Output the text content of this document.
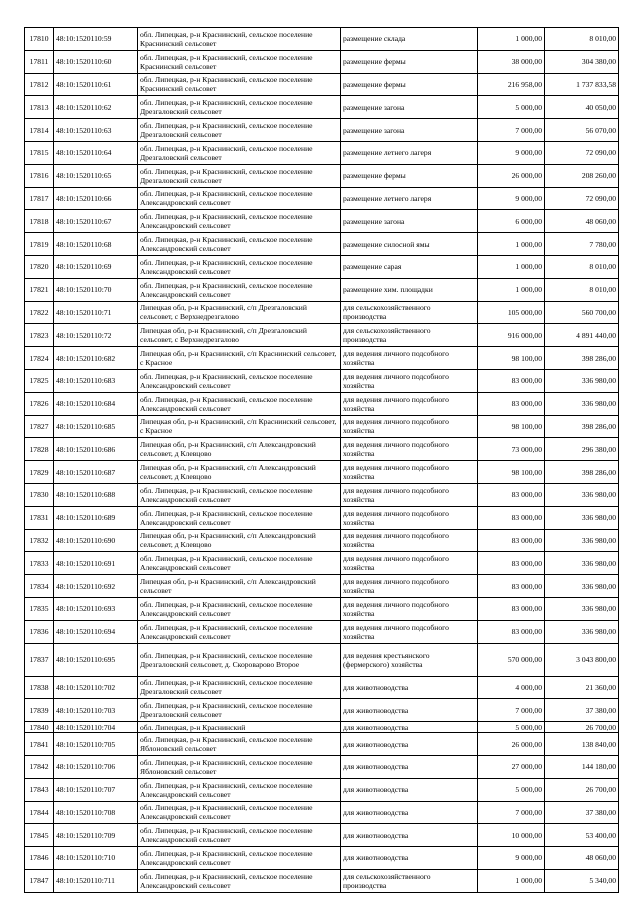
17810	48:10:1520110:59	обл. Липецкая, р-н Краснинский, сельское поселение Краснинский сельсовет	размещение склада	1 000,00	8 010,00
17811	48:10:1520110:60	обл. Липецкая, р-н Краснинский, сельское поселение Краснинский сельсовет	размещение фермы	38 000,00	304 380,00
17812	48:10:1520110:61	обл. Липецкая, р-н Краснинский, сельское поселение Краснинский сельсовет	размещение фермы	216 958,00	1 737 833,58
17813	48:10:1520110:62	обл. Липецкая, р-н Краснинский, сельское поселение Дрезгаловский сельсовет	размещение загона	5 000,00	40 050,00
17814	48:10:1520110:63	обл. Липецкая, р-н Краснинский, сельское поселение Дрезгаловский сельсовет	размещение загона	7 000,00	56 070,00
17815	48:10:1520110:64	обл. Липецкая, р-н Краснинский, сельское поселение Дрезгаловский сельсовет	размещение летнего лагеря	9 000,00	72 090,00
17816	48:10:1520110:65	обл. Липецкая, р-н Краснинский, сельское поселение Дрезгаловский сельсовет	размещение фермы	26 000,00	208 260,00
17817	48:10:1520110:66	обл. Липецкая, р-н Краснинский, сельское поселение Александровский сельсовет	размещение летнего лагеря	9 000,00	72 090,00
17818	48:10:1520110:67	обл. Липецкая, р-н Краснинский, сельское поселение Александровский сельсовет	размещение загона	6 000,00	48 060,00
17819	48:10:1520110:68	обл. Липецкая, р-н Краснинский, сельское поселение Александровский сельсовет	размещение силосной ямы	1 000,00	7 780,00
17820	48:10:1520110:69	обл. Липецкая, р-н Краснинский, сельское поселение Александровский сельсовет	размещение сарая	1 000,00	8 010,00
17821	48:10:1520110:70	обл. Липецкая, р-н Краснинский, сельское поселение Александровский сельсовет	размещение хим. площадки	1 000,00	8 010,00
17822	48:10:1520110:71	Липецкая обл, р-н Краснинский, с/п Дрезгаловский сельсовет, с Верхнедрезгалово	для сельскохозяйственного производства	105 000,00	560 700,00
17823	48:10:1520110:72	Липецкая обл, р-н Краснинский, с/п Дрезгаловский сельсовет, с Верхнедрезгалово	для сельскохозяйственного производства	916 000,00	4 891 440,00
17824	48:10:1520110:682	Липецкая обл, р-н Краснинский, с/п Краснинский сельсовет, с Красное	для ведения личного подсобного хозяйства	98 100,00	398 286,00
17825	48:10:1520110:683	обл. Липецкая, р-н Краснинский, сельское поселение Александровский сельсовет	для ведения личного подсобного хозяйства	83 000,00	336 980,00
17826	48:10:1520110:684	обл. Липецкая, р-н Краснинский, сельское поселение Александровский сельсовет	для ведения личного подсобного хозяйства	83 000,00	336 980,00
17827	48:10:1520110:685	Липецкая обл, р-н Краснинский, с/п Краснинский сельсовет, с Красное	для ведения личного подсобного хозяйства	98 100,00	398 286,00
17828	48:10:1520110:686	Липецкая обл, р-н Краснинский, с/п Александровский сельсовет, д Клевцово	для ведения личного подсобного хозяйства	73 000,00	296 380,00
17829	48:10:1520110:687	Липецкая обл, р-н Краснинский, с/п Александровский сельсовет, д Клевцово	для ведения личного подсобного хозяйства	98 100,00	398 286,00
17830	48:10:1520110:688	обл. Липецкая, р-н Краснинский, сельское поселение Александровский сельсовет	для ведения личного подсобного хозяйства	83 000,00	336 980,00
17831	48:10:1520110:689	обл. Липецкая, р-н Краснинский, сельское поселение Александровский сельсовет	для ведения личного подсобного хозяйства	83 000,00	336 980,00
17832	48:10:1520110:690	Липецкая обл, р-н Краснинский, с/п Александровский сельсовет, д Клевцово	для ведения личного подсобного хозяйства	83 000,00	336 980,00
17833	48:10:1520110:691	обл. Липецкая, р-н Краснинский, сельское поселение Александровский сельсовет	для ведения личного подсобного хозяйства	83 000,00	336 980,00
17834	48:10:1520110:692	Липецкая обл, р-н Краснинский, с/п Александровский сельсовет	для ведения личного подсобного хозяйства	83 000,00	336 980,00
17835	48:10:1520110:693	обл. Липецкая, р-н Краснинский, сельское поселение Александровский сельсовет	для ведения личного подсобного хозяйства	83 000,00	336 980,00
17836	48:10:1520110:694	обл. Липецкая, р-н Краснинский, сельское поселение Александровский сельсовет	для ведения личного подсобного хозяйства	83 000,00	336 980,00
17837	48:10:1520110:695	обл. Липецкая, р-н Краснинский, сельское поселение Дрезгаловский сельсовет, д. Скороварово Второе	для ведения крестьянского (фермерского) хозяйства	570 000,00	3 043 800,00
17838	48:10:1520110:702	обл. Липецкая, р-н Краснинский, сельское поселение Дрезгаловский сельсовет	для животноводства	4 000,00	21 360,00
17839	48:10:1520110:703	обл. Липецкая, р-н Краснинский, сельское поселение Дрезгаловский сельсовет	для животноводства	7 000,00	37 380,00
17840	48:10:1520110:704	обл. Липецкая, р-н Краснинский	для животноводства	5 000,00	26 700,00
17841	48:10:1520110:705	обл. Липецкая, р-н Краснинский, сельское поселение Яблоновский сельсовет	для животноводства	26 000,00	138 840,00
17842	48:10:1520110:706	обл. Липецкая, р-н Краснинский, сельское поселение Яблоновский сельсовет	для животноводства	27 000,00	144 180,00
17843	48:10:1520110:707	обл. Липецкая, р-н Краснинский, сельское поселение Александровский сельсовет	для животноводства	5 000,00	26 700,00
17844	48:10:1520110:708	обл. Липецкая, р-н Краснинский, сельское поселение Александровский сельсовет	для животноводства	7 000,00	37 380,00
17845	48:10:1520110:709	обл. Липецкая, р-н Краснинский, сельское поселение Александровский сельсовет	для животноводства	10 000,00	53 400,00
17846	48:10:1520110:710	обл. Липецкая, р-н Краснинский, сельское поселение Александровский сельсовет	для животноводства	9 000,00	48 060,00
17847	48:10:1520110:711	обл. Липецкая, р-н Краснинский, сельское поселение Александровский сельсовет	для сельскохозяйственного производства	1 000,00	5 340,00
